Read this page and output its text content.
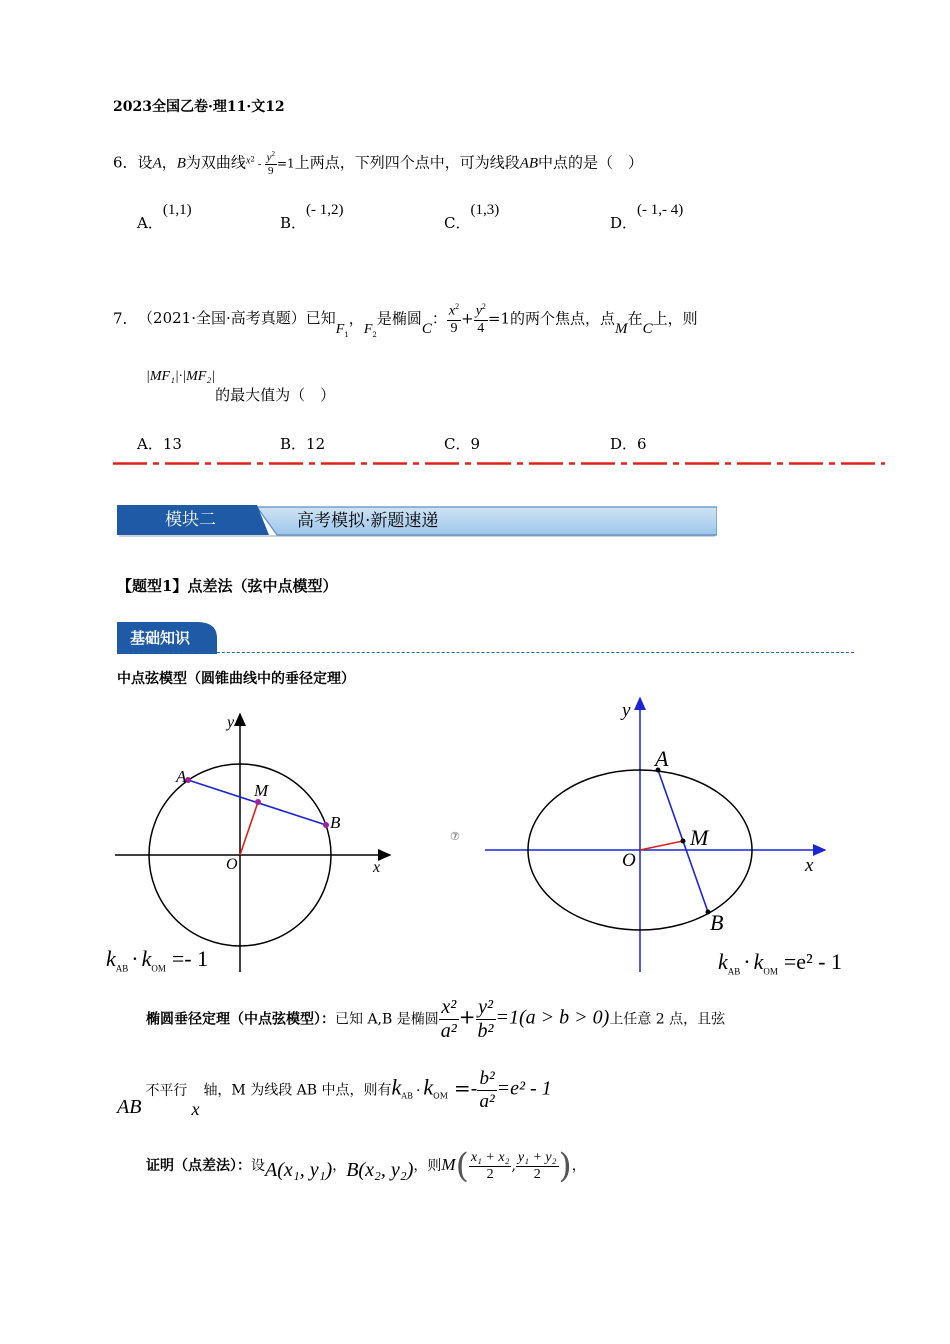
2023全国乙卷·理11·文12
6．设A，B为双曲线$^{x2} - \frac{y^2}{9} =1$上两点，下列四个点中，可为线段AB中点的是（　）
A．(1,1)
B．(- 1,2)
C．(1,3)
D．(- 1,- 4)
7． （2021·全国·高考真题）已知$F_1$，$F_2$是椭圆C： $\frac{x^2}{9} + \frac{y^2}{4} =1$的两个焦点，点M在C上，则
|MF₁|·|MF₂|的最大值为（　）
A．13	B．12	C．9	D．6
模块二	高考模拟·新题速递
【题型1】点差法（弦中点模型）
基础知识
中点弦模型（圆锥曲线中的垂径定理）
y
x
O
A
B
M
$k_{AB} \cdot k_{OM} =- 1$
⑦
y
x
O
A
B
M
$k_{AB} \cdot k_{OM} =e^2 - 1$
椭圆垂径定理（中点弦模型）：已知 A,B 是椭圆 $\frac{\text{x²}}{\text{a²}} + \frac{\text{y²}}{\text{b²}} =1(a > b > 0)$上任意 2 点，且弦
AB不平行x轴，M 为线段 AB 中点，则有$k_{AB} \cdot k_{OM} =- \frac{\text{b²}}{\text{a²}} =e^2 - 1$
证明（点差法）：设A(x₁, y₁)，B(x₂, y₂)，则$M( \frac{\text{x₁ + x₂}}{2}$ , $\frac{\text{y₁ + y₂}}{2}$ )，
